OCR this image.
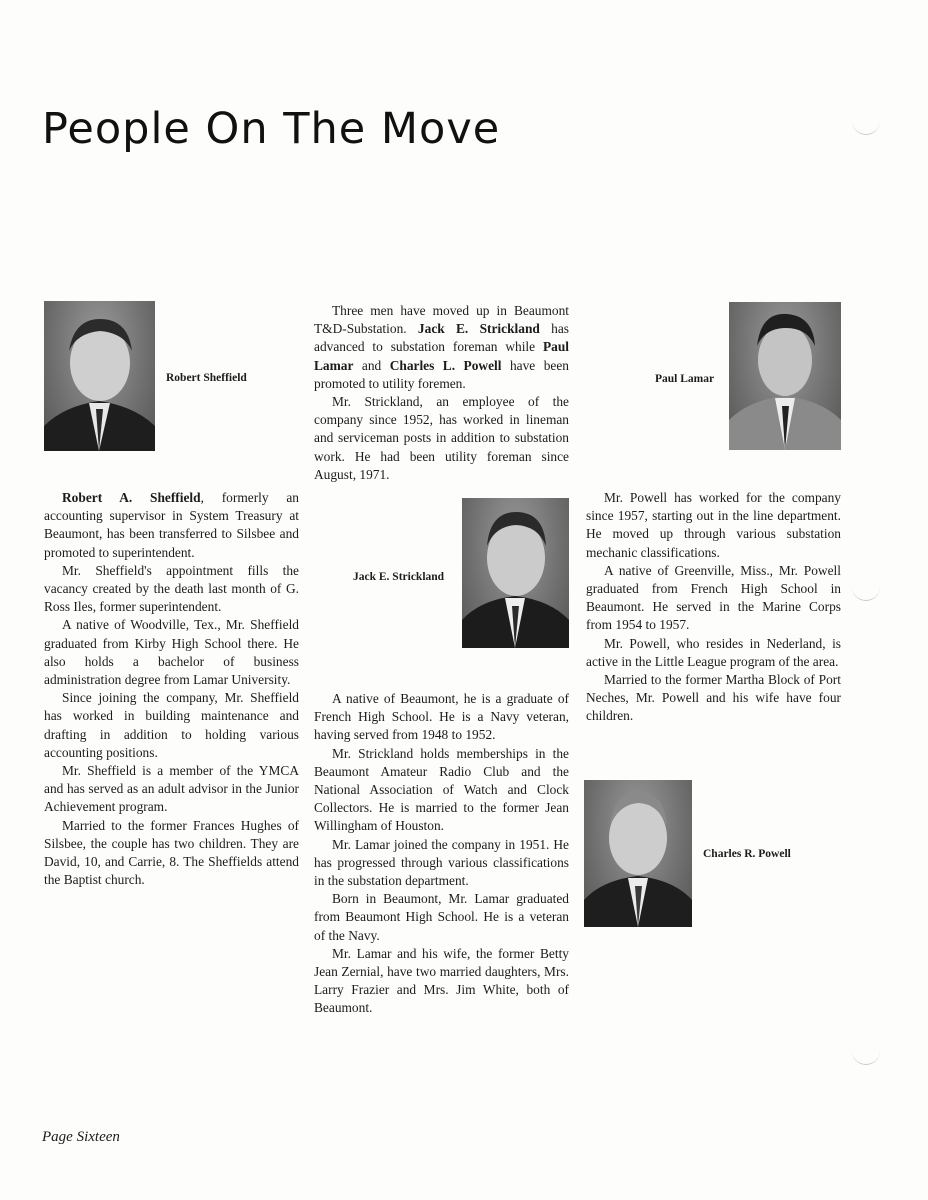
People On The Move
Robert Sheffield	Paul Lamar
Jack E. Strickland
Charles R. Powell

Robert A. Sheffield, formerly an accounting supervisor in System Treasury at Beaumont, has been transferred to Silsbee and promoted to superintendent.

Mr. Sheffield's appointment fills the vacancy created by the death last month of G. Ross Iles, former superintendent.

A native of Woodville, Tex., Mr. Sheffield graduated from Kirby High School there. He also holds a bachelor of business administration degree from Lamar University.

Since joining the company, Mr. Sheffield has worked in building maintenance and drafting in addition to holding various accounting positions.

Mr. Sheffield is a member of the YMCA and has served as an adult advisor in the Junior Achievement program.

Married to the former Frances Hughes of Silsbee, the couple has two children. They are David, 10, and Carrie, 8. The Sheffields attend the Baptist church.

Three men have moved up in Beaumont T&D-Substation. Jack E. Strickland has advanced to substation foreman while Paul Lamar and Charles L. Powell have been promoted to utility foremen.

Mr. Strickland, an employee of the company since 1952, has worked in lineman and serviceman posts in addition to substation work. He had been utility foreman since August, 1971.

A native of Beaumont, he is a graduate of French High School. He is a Navy veteran, having served from 1948 to 1952.

Mr. Strickland holds memberships in the Beaumont Amateur Radio Club and the National Association of Watch and Clock Collectors. He is married to the former Jean Willingham of Houston.

Mr. Lamar joined the company in 1951. He has progressed through various classifications in the substation department.

Born in Beaumont, Mr. Lamar graduated from Beaumont High School. He is a veteran of the Navy.

Mr. Lamar and his wife, the former Betty Jean Zernial, have two married daughters, Mrs. Larry Frazier and Mrs. Jim White, both of Beaumont.

Mr. Powell has worked for the company since 1957, starting out in the line department. He moved up through various substation mechanic classifications.

A native of Greenville, Miss., Mr. Powell graduated from French High School in Beaumont. He served in the Marine Corps from 1954 to 1957.

Mr. Powell, who resides in Nederland, is active in the Little League program of the area.

Married to the former Martha Block of Port Neches, Mr. Powell and his wife have four children.

Page Sixteen
